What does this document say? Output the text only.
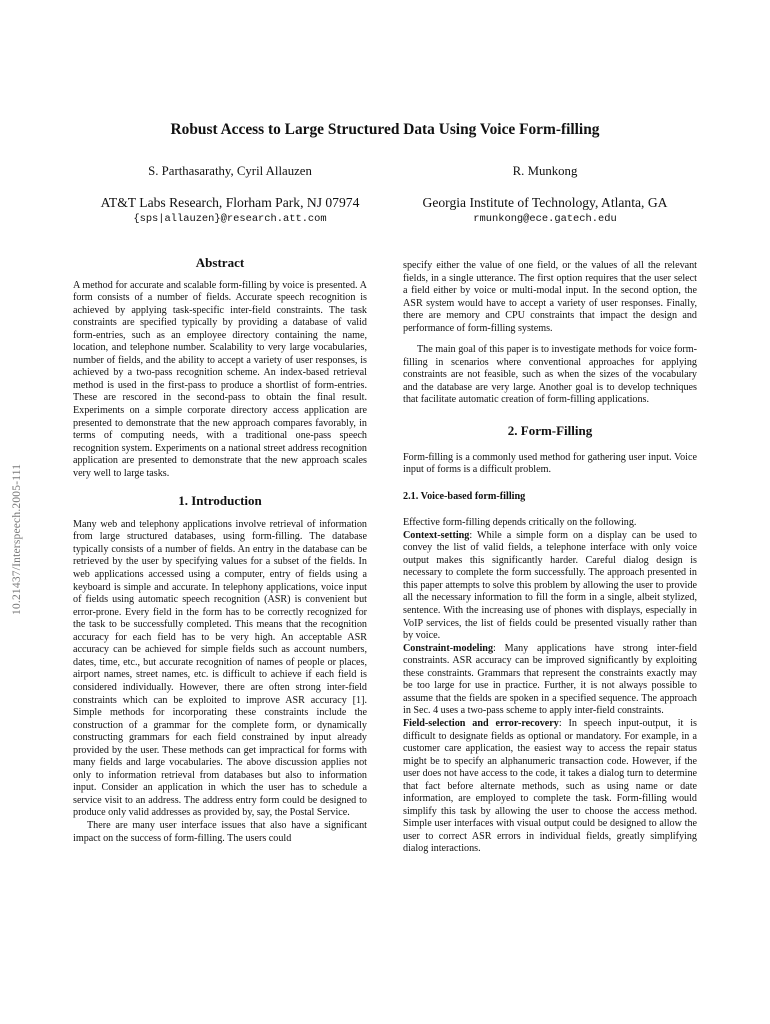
10.21437/Interspeech.2005-111
Robust Access to Large Structured Data Using Voice Form-filling
S. Parthasarathy, Cyril Allauzen	R. Munkong
AT&T Labs Research, Florham Park, NJ 07974	Georgia Institute of Technology, Atlanta, GA
{sps|allauzen}@research.att.com	rmunkong@ece.gatech.edu
Abstract

A method for accurate and scalable form-filling by voice is presented. A form consists of a number of fields. Accurate speech recognition is achieved by applying task-specific inter-field constraints. The task constraints are specified typically by providing a database of valid form-entries, such as an employee directory containing the name, location, and telephone number. Scalability to very large vocabularies, number of fields, and the ability to accept a variety of user responses, is achieved by a two-pass recognition scheme. An index-based retrieval method is used in the first-pass to produce a shortlist of form-entries. These are rescored in the second-pass to obtain the final result. Experiments on a simple corporate directory access application are presented to demonstrate that the new approach compares favorably, in terms of computing needs, with a traditional one-pass speech recognition system. Experiments on a national street address recognition application are presented to demonstrate that the new approach scales very well to large tasks.

1. Introduction

Many web and telephony applications involve retrieval of information from large structured databases, using form-filling. The database typically consists of a number of fields. An entry in the database can be retrieved by the user by specifying values for a subset of the fields. In web applications accessed using a computer, entry of fields using a keyboard is simple and accurate. In telephony applications, voice input of fields using automatic speech recognition (ASR) is convenient but error-prone. Every field in the form has to be correctly recognized for the task to be successfully completed. This means that the recognition accuracy for each field has to be very high. An acceptable ASR accuracy can be achieved for simple fields such as account numbers, dates, time, etc., but accurate recognition of names of people or places, airport names, street names, etc. is difficult to achieve if each field is considered individually. However, there are often strong inter-field constraints which can be exploited to improve ASR accuracy [1]. Simple methods for incorporating these constraints include the construction of a grammar for the complete form, or dynamically constructing grammars for each field constrained by input already provided by the user. These methods can get impractical for forms with many fields and large vocabularies. The above discussion applies not only to information retrieval from databases but also to information input. Consider an application in which the user has to schedule a service visit to an address. The address entry form could be designed to produce only valid addresses as provided by, say, the Postal Service.

There are many user interface issues that also have a significant impact on the success of form-filling. The users could

specify either the value of one field, or the values of all the relevant fields, in a single utterance. The first option requires that the user select a field either by voice or multi-modal input. In the second option, the ASR system would have to accept a variety of user responses. Finally, there are memory and CPU constraints that impact the design and performance of form-filling systems.

The main goal of this paper is to investigate methods for voice form-filling in scenarios where conventional approaches for applying constraints are not feasible, such as when the sizes of the vocabulary and the database are very large. Another goal is to develop techniques that facilitate automatic creation of form-filling applications.

2. Form-Filling

Form-filling is a commonly used method for gathering user input. Voice input of forms is a difficult problem.

2.1. Voice-based form-filling

Effective form-filling depends critically on the following.

Context-setting: While a simple form on a display can be used to convey the list of valid fields, a telephone interface with only voice output makes this significantly harder. Careful dialog design is necessary to complete the form successfully. The approach presented in this paper attempts to solve this problem by allowing the user to provide all the necessary information to fill the form in a single, albeit stylized, sentence. With the increasing use of phones with displays, especially in VoIP services, the list of fields could be presented visually rather than by voice.

Constraint-modeling: Many applications have strong inter-field constraints. ASR accuracy can be improved significantly by exploiting these constraints. Grammars that represent the constraints exactly may be too large for use in practice. Further, it is not always possible to assume that the fields are spoken in a specified sequence. The approach in Sec. 4 uses a two-pass scheme to apply inter-field constraints.

Field-selection and error-recovery: In speech input-output, it is difficult to designate fields as optional or mandatory. For example, in a customer care application, the easiest way to access the repair status might be to specify an alphanumeric transaction code. However, if the user does not have access to the code, it takes a dialog turn to determine that fact before alternate methods, such as using name or date information, are employed to complete the task. Form-filling would simplify this task by allowing the user to choose the access method. Simple user interfaces with visual output could be designed to allow the user to correct ASR errors in individual fields, greatly simplifying dialog interactions.
